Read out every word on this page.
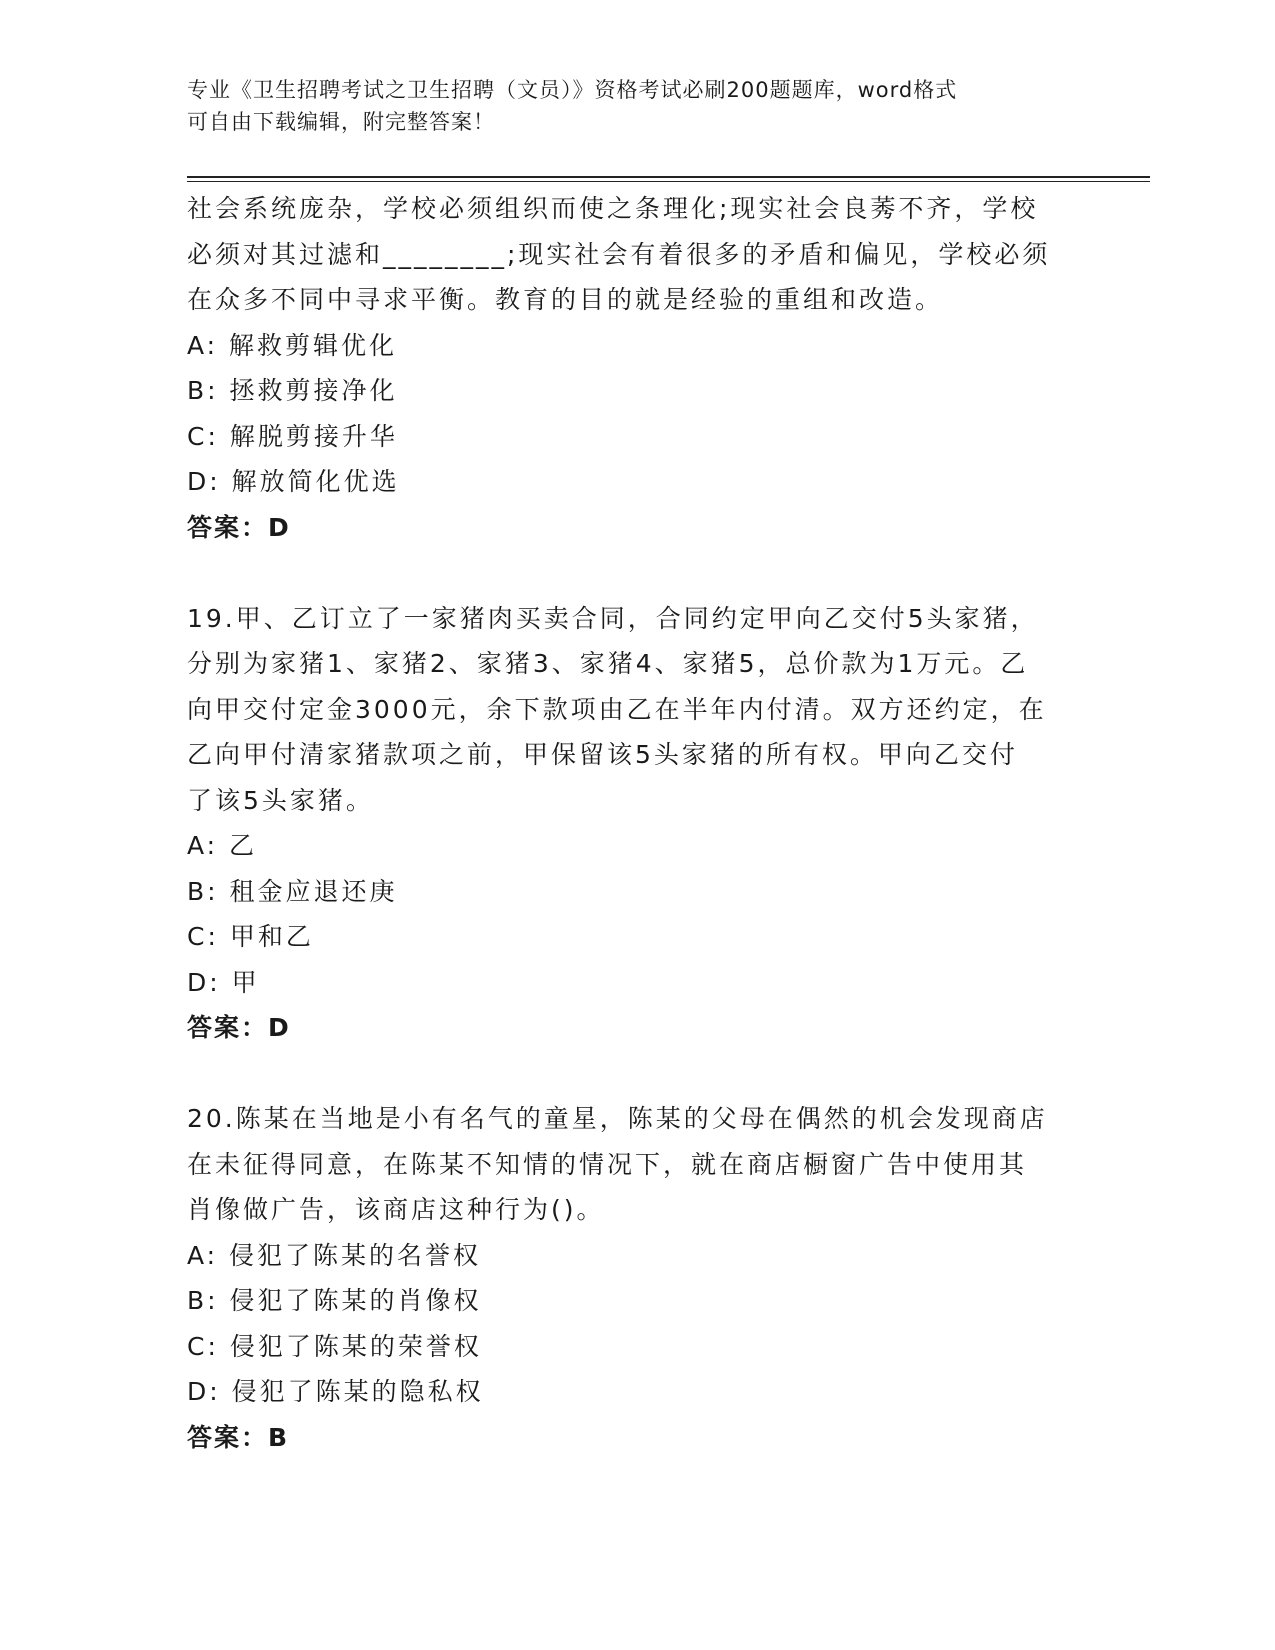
专业《卫生招聘考试之卫生招聘（文员）》资格考试必刷200题题库，word格式
可自由下载编辑，附完整答案！

社会系统庞杂，学校必须组织而使之条理化;现实社会良莠不齐，学校

必须对其过滤和________;现实社会有着很多的矛盾和偏见，学校必须

在众多不同中寻求平衡。教育的目的就是经验的重组和改造。

A: 解救剪辑优化

B: 拯救剪接净化

C: 解脱剪接升华

D: 解放简化优选

答案：D

19.甲、乙订立了一家猪肉买卖合同，合同约定甲向乙交付5头家猪，

分别为家猪1、家猪2、家猪3、家猪4、家猪5，总价款为1万元。乙

向甲交付定金3000元，余下款项由乙在半年内付清。双方还约定，在

乙向甲付清家猪款项之前，甲保留该5头家猪的所有权。甲向乙交付

了该5头家猪。

A: 乙

B: 租金应退还庚

C: 甲和乙

D: 甲

答案：D

20.陈某在当地是小有名气的童星，陈某的父母在偶然的机会发现商店

在未征得同意，在陈某不知情的情况下，就在商店橱窗广告中使用其

肖像做广告，该商店这种行为()。

A: 侵犯了陈某的名誉权

B: 侵犯了陈某的肖像权

C: 侵犯了陈某的荣誉权

D: 侵犯了陈某的隐私权

答案：B
